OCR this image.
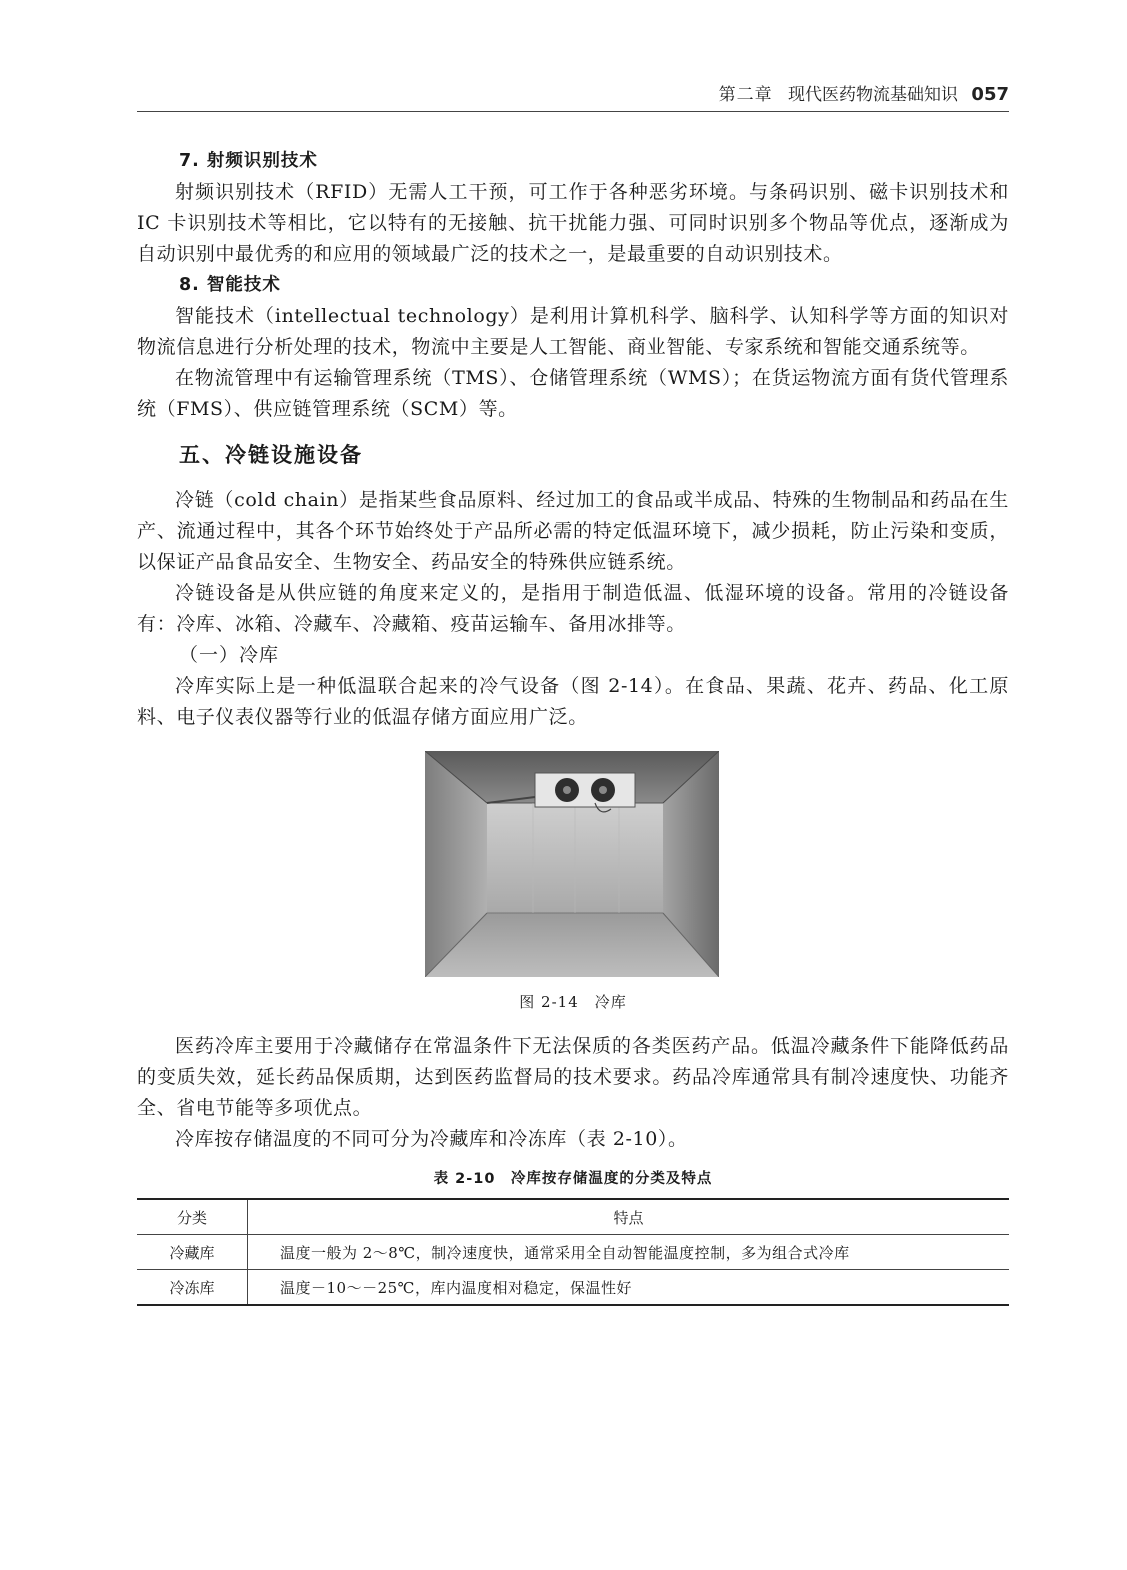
第二章 现代医药物流基础知识 057

7. 射频识别技术

射频识别技术（RFID）无需人工干预，可工作于各种恶劣环境。与条码识别、磁卡识别技术和 IC 卡识别技术等相比，它以特有的无接触、抗干扰能力强、可同时识别多个物品等优点，逐渐成为自动识别中最优秀的和应用的领域最广泛的技术之一，是最重要的自动识别技术。

8. 智能技术

智能技术（intellectual technology）是利用计算机科学、脑科学、认知科学等方面的知识对物流信息进行分析处理的技术，物流中主要是人工智能、商业智能、专家系统和智能交通系统等。

在物流管理中有运输管理系统（TMS）、仓储管理系统（WMS）；在货运物流方面有货代管理系统（FMS）、供应链管理系统（SCM）等。

五、冷链设施设备

冷链（cold chain）是指某些食品原料、经过加工的食品或半成品、特殊的生物制品和药品在生产、流通过程中，其各个环节始终处于产品所必需的特定低温环境下，减少损耗，防止污染和变质，以保证产品食品安全、生物安全、药品安全的特殊供应链系统。

冷链设备是从供应链的角度来定义的，是指用于制造低温、低湿环境的设备。常用的冷链设备有：冷库、冰箱、冷藏车、冷藏箱、疫苗运输车、备用冰排等。

（一）冷库

冷库实际上是一种低温联合起来的冷气设备（图 2-14）。在食品、果蔬、花卉、药品、化工原料、电子仪表仪器等行业的低温存储方面应用广泛。

图 2-14　冷库

医药冷库主要用于冷藏储存在常温条件下无法保质的各类医药产品。低温冷藏条件下能降低药品的变质失效，延长药品保质期，达到医药监督局的技术要求。药品冷库通常具有制冷速度快、功能齐全、省电节能等多项优点。

冷库按存储温度的不同可分为冷藏库和冷冻库（表 2-10）。

表 2-10　冷库按存储温度的分类及特点
分类	特点
冷藏库	温度一般为 2～8℃，制冷速度快，通常采用全自动智能温度控制，多为组合式冷库
冷冻库	温度－10～－25℃，库内温度相对稳定，保温性好
